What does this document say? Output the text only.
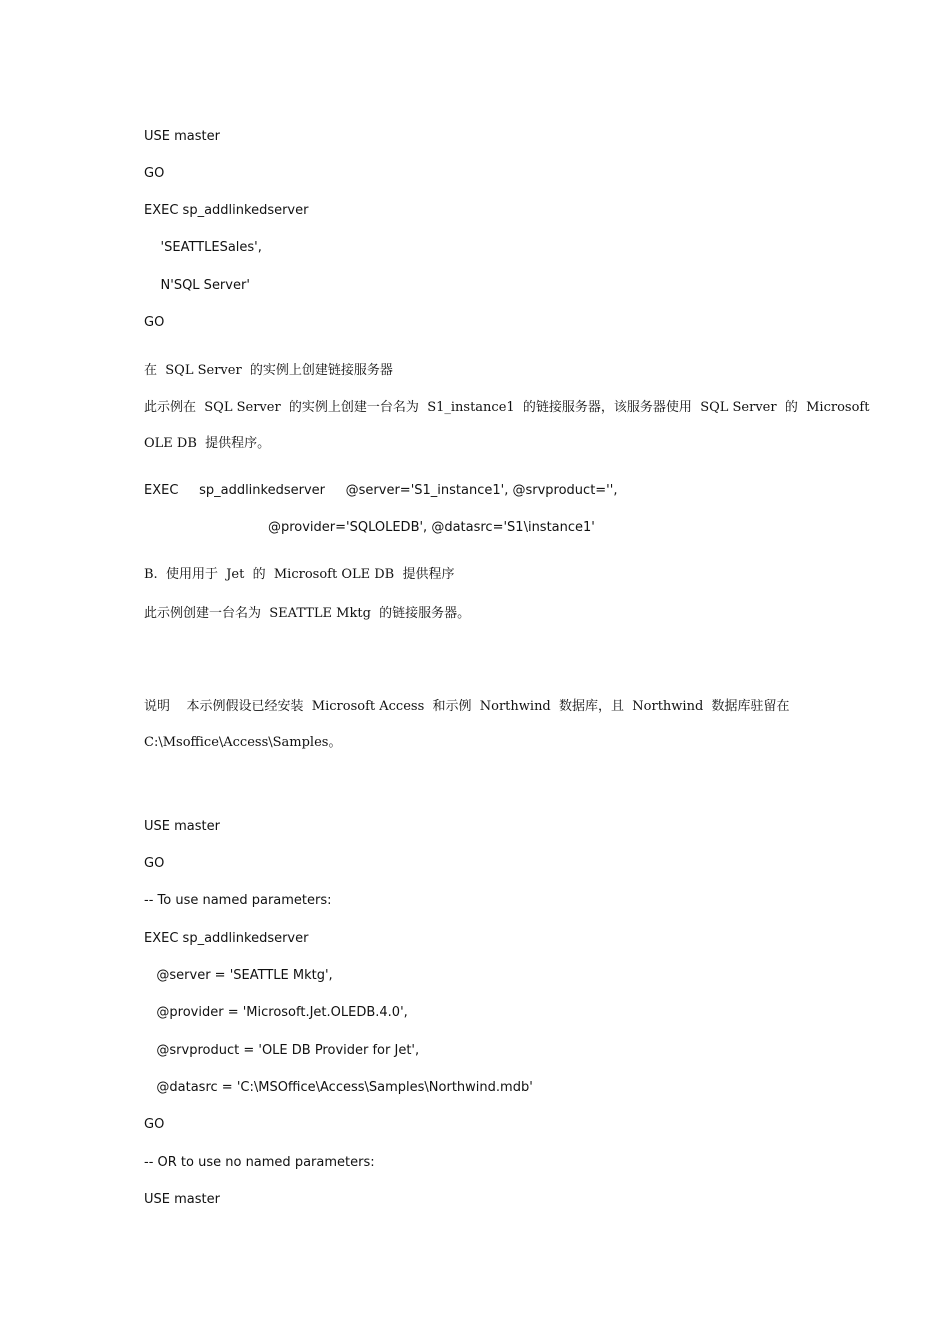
USE master
GO
EXEC sp_addlinkedserver
'SEATTLESales',
N'SQL Server'
GO
在  SQL Server  的实例上创建链接服务器
此示例在  SQL Server  的实例上创建一台名为  S1_instance1  的链接服务器，该服务器使用  SQL Server  的  Microsoft
OLE DB  提供程序。
EXEC     sp_addlinkedserver     @server='S1_instance1', @srvproduct='',
@provider='SQLOLEDB', @datasrc='S1\instance1'
B.  使用用于  Jet  的  Microsoft OLE DB  提供程序
此示例创建一台名为  SEATTLE Mktg  的链接服务器。
说明    本示例假设已经安装  Microsoft Access  和示例  Northwind  数据库，且  Northwind  数据库驻留在
C:\Msoffice\Access\Samples。
USE master
GO
-- To use named parameters:
EXEC sp_addlinkedserver
@server = 'SEATTLE Mktg',
@provider = 'Microsoft.Jet.OLEDB.4.0',
@srvproduct = 'OLE DB Provider for Jet',
@datasrc = 'C:\MSOffice\Access\Samples\Northwind.mdb'
GO
-- OR to use no named parameters:
USE master
